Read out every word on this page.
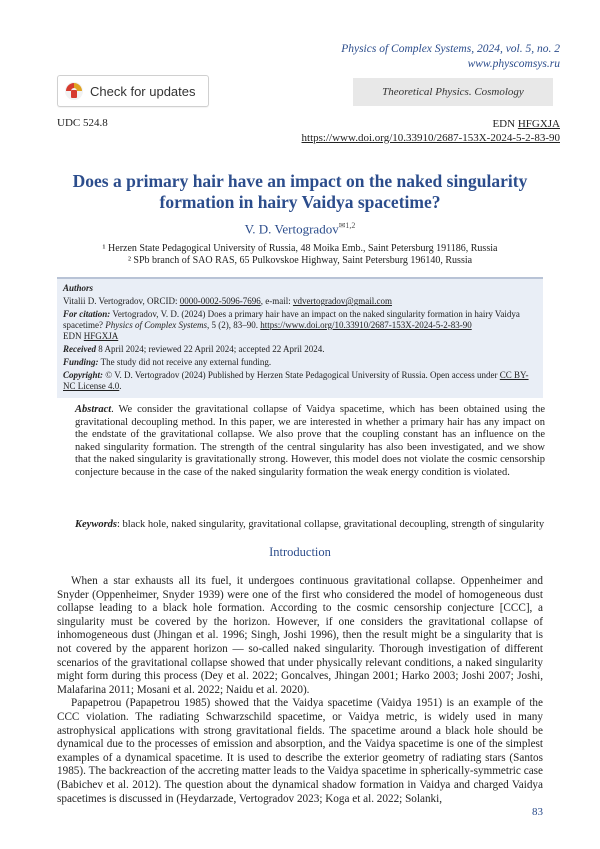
Physics of Complex Systems, 2024, vol. 5, no. 2
www.physcomsys.ru
Check for updates	Theoretical Physics. Cosmology
UDC 524.8	EDN HFGXJA
https://www.doi.org/10.33910/2687-153X-2024-5-2-83-90
Does a primary hair have an impact on the naked singularity formation in hairy Vaidya spacetime?
V. D. Vertogradov$^{✉1,2}$
¹ Herzen State Pedagogical University of Russia, 48 Moika Emb., Saint Petersburg 191186, Russia
² SPb branch of SAO RAS, 65 Pulkovskoe Highway, Saint Petersburg 196140, Russia

Authors

Vitalii D. Vertogradov, ORCID: 0000-0002-5096-7696, e-mail: vdvertogradov@gmail.com

For citation: Vertogradov, V. D. (2024) Does a primary hair have an impact on the naked singularity formation in hairy Vaidya spacetime? Physics of Complex Systems, 5 (2), 83–90. https://www.doi.org/10.33910/2687-153X-2024-5-2-83-90
EDN HFGXJA

Received 8 April 2024; reviewed 22 April 2024; accepted 22 April 2024.

Funding: The study did not receive any external funding.

Copyright: © V. D. Vertogradov (2024) Published by Herzen State Pedagogical University of Russia. Open access under CC BY-NC License 4.0.

Abstract. We consider the gravitational collapse of Vaidya spacetime, which has been obtained using the gravitational decoupling method. In this paper, we are interested in whether a primary hair has any impact on the endstate of the gravitational collapse. We also prove that the coupling constant has an influence on the naked singularity formation. The strength of the central singularity has also been investigated, and we show that the naked singularity is gravitationally strong. However, this model does not violate the cosmic censorship conjecture because in the case of the naked singularity formation the weak energy condition is violated.
Keywords: black hole, naked singularity, gravitational collapse, gravitational decoupling, strength of singularity
Introduction

When a star exhausts all its fuel, it undergoes continuous gravitational collapse. Oppenheimer and Snyder (Oppenheimer, Snyder 1939) were one of the first who considered the model of homogeneous dust collapse leading to a black hole formation. According to the cosmic censorship conjecture [CCC], a singularity must be covered by the horizon. However, if one considers the gravitational collapse of inhomogeneous dust (Jhingan et al. 1996; Singh, Joshi 1996), then the result might be a singularity that is not covered by the apparent horizon — so-called naked singularity. Thorough investigation of different scenarios of the gravitational collapse showed that under physically relevant conditions, a naked singularity might form during this process (Dey et al. 2022; Goncalves, Jhingan 2001; Harko 2003; Joshi 2007; Joshi, Malafarina 2011; Mosani et al. 2022; Naidu et al. 2020).

Papapetrou (Papapetrou 1985) showed that the Vaidya spacetime (Vaidya 1951) is an example of the CCC violation. The radiating Schwarzschild spacetime, or Vaidya metric, is widely used in many astrophysical applications with strong gravitational fields. The spacetime around a black hole should be dynamical due to the processes of emission and absorption, and the Vaidya spacetime is one of the simplest examples of a dynamical spacetime. It is used to describe the exterior geometry of radiating stars (Santos 1985). The backreaction of the accreting matter leads to the Vaidya spacetime in spherically-symmetric case (Babichev et al. 2012). The question about the dynamical shadow formation in Vaidya and charged Vaidya spacetimes is discussed in (Heydarzade, Vertogradov 2023; Koga et al. 2022; Solanki,

83
